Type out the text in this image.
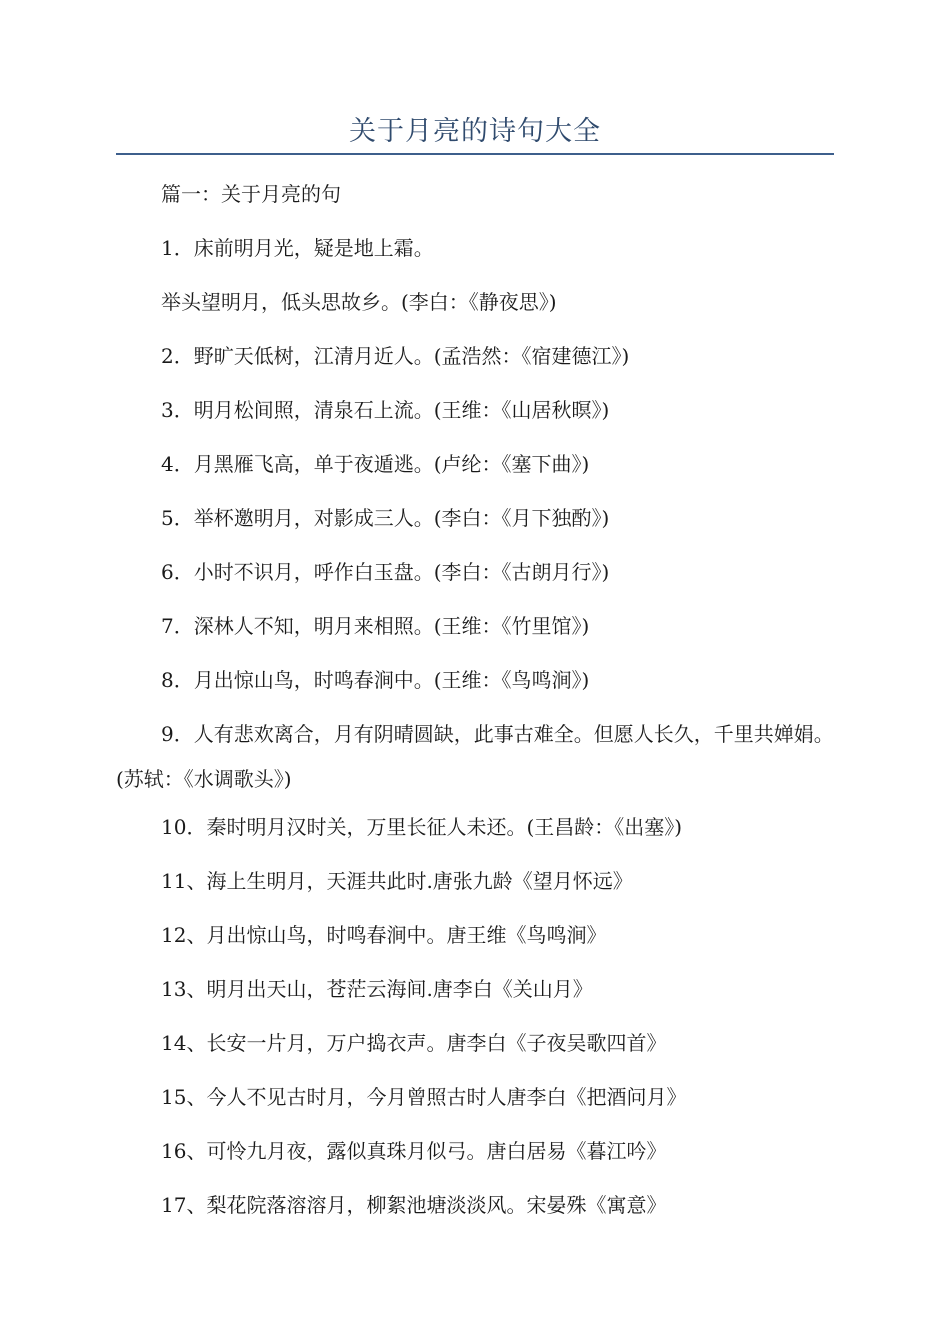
关于月亮的诗句大全
篇一：关于月亮的句
1．床前明月光，疑是地上霜。
举头望明月，低头思故乡。(李白：《静夜思》)
2．野旷天低树，江清月近人。(孟浩然：《宿建德江》)
3．明月松间照，清泉石上流。(王维：《山居秋暝》)
4．月黑雁飞高，单于夜遁逃。(卢纶：《塞下曲》)
5．举杯邀明月，对影成三人。(李白：《月下独酌》)
6．小时不识月，呼作白玉盘。(李白：《古朗月行》)
7．深林人不知，明月来相照。(王维：《竹里馆》)
8．月出惊山鸟，时鸣春涧中。(王维：《鸟鸣涧》)
9．人有悲欢离合，月有阴晴圆缺，此事古难全。但愿人长久，千里共婵娟。(苏轼：《水调歌头》)
10．秦时明月汉时关，万里长征人未还。(王昌龄：《出塞》)
11、海上生明月，天涯共此时.唐张九龄《望月怀远》
12、月出惊山鸟，时鸣春涧中。唐王维《鸟鸣涧》
13、明月出天山，苍茫云海间.唐李白《关山月》
14、长安一片月，万户捣衣声。唐李白《子夜吴歌四首》
15、今人不见古时月，今月曾照古时人唐李白《把酒问月》
16、可怜九月夜，露似真珠月似弓。唐白居易《暮江吟》
17、梨花院落溶溶月，柳絮池塘淡淡风。宋晏殊《寓意》
